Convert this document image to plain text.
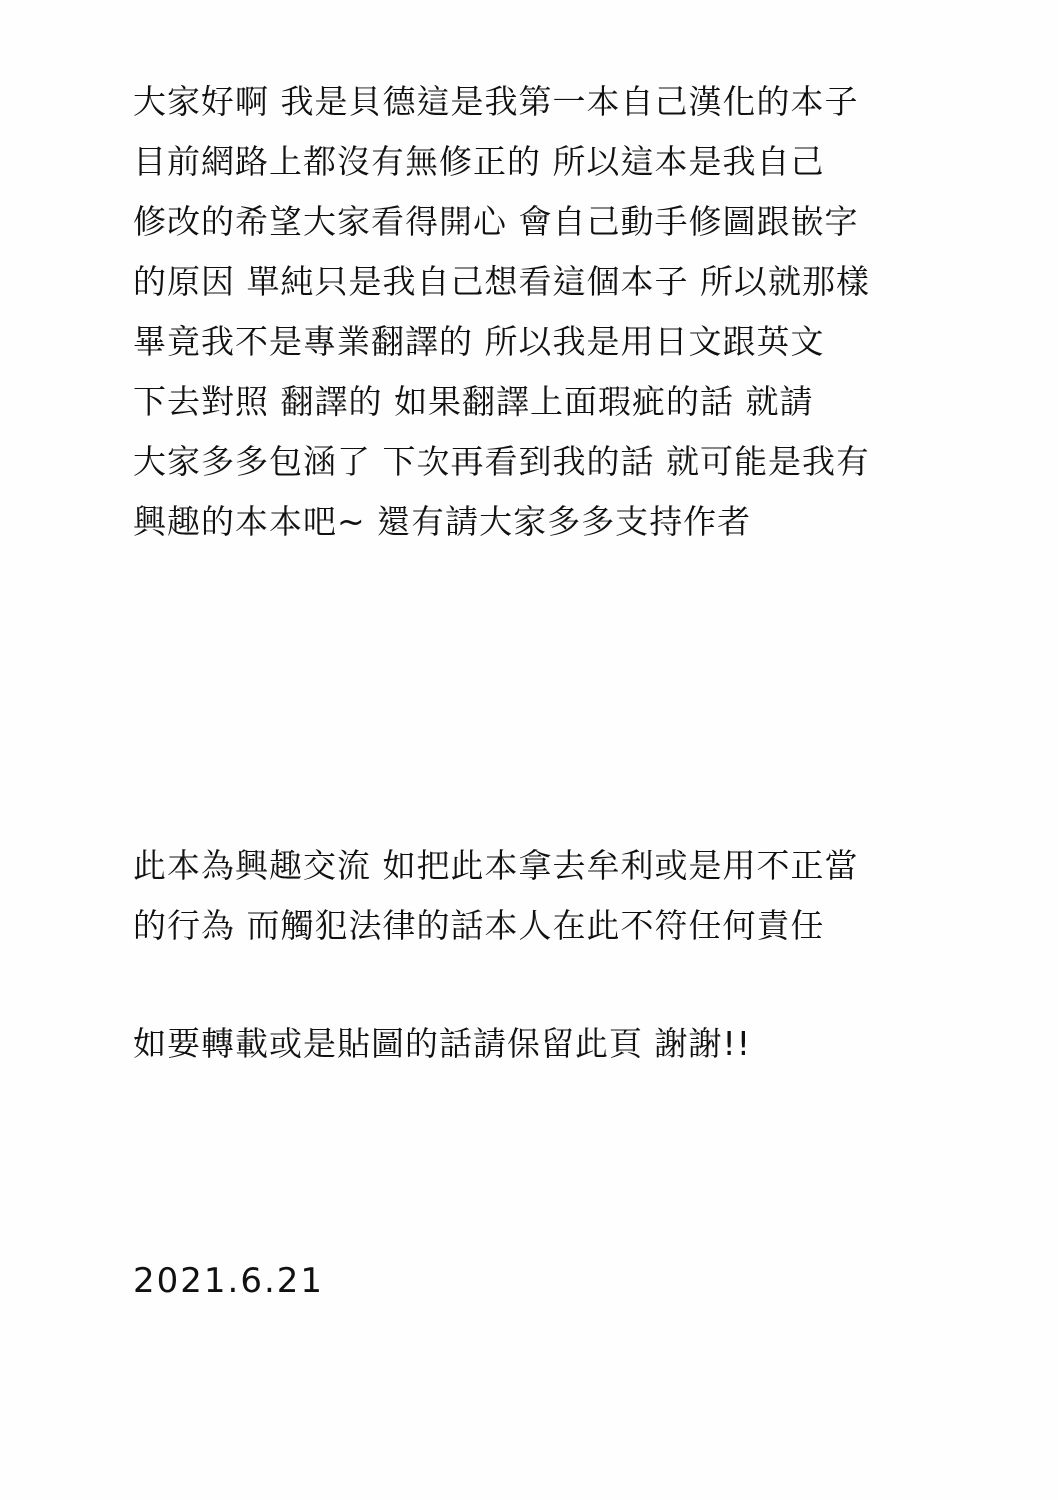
大家好啊 我是貝德這是我第一本自己漢化的本子
目前網路上都沒有無修正的 所以這本是我自己
修改的希望大家看得開心 會自己動手修圖跟嵌字
的原因 單純只是我自己想看這個本子 所以就那樣
畢竟我不是專業翻譯的 所以我是用日文跟英文
下去對照 翻譯的 如果翻譯上面瑕疵的話 就請
大家多多包涵了 下次再看到我的話 就可能是我有
興趣的本本吧~ 還有請大家多多支持作者
此本為興趣交流 如把此本拿去牟利或是用不正當
的行為 而觸犯法律的話本人在此不符任何責任
如要轉載或是貼圖的話請保留此頁 謝謝!!
2021.6.21
